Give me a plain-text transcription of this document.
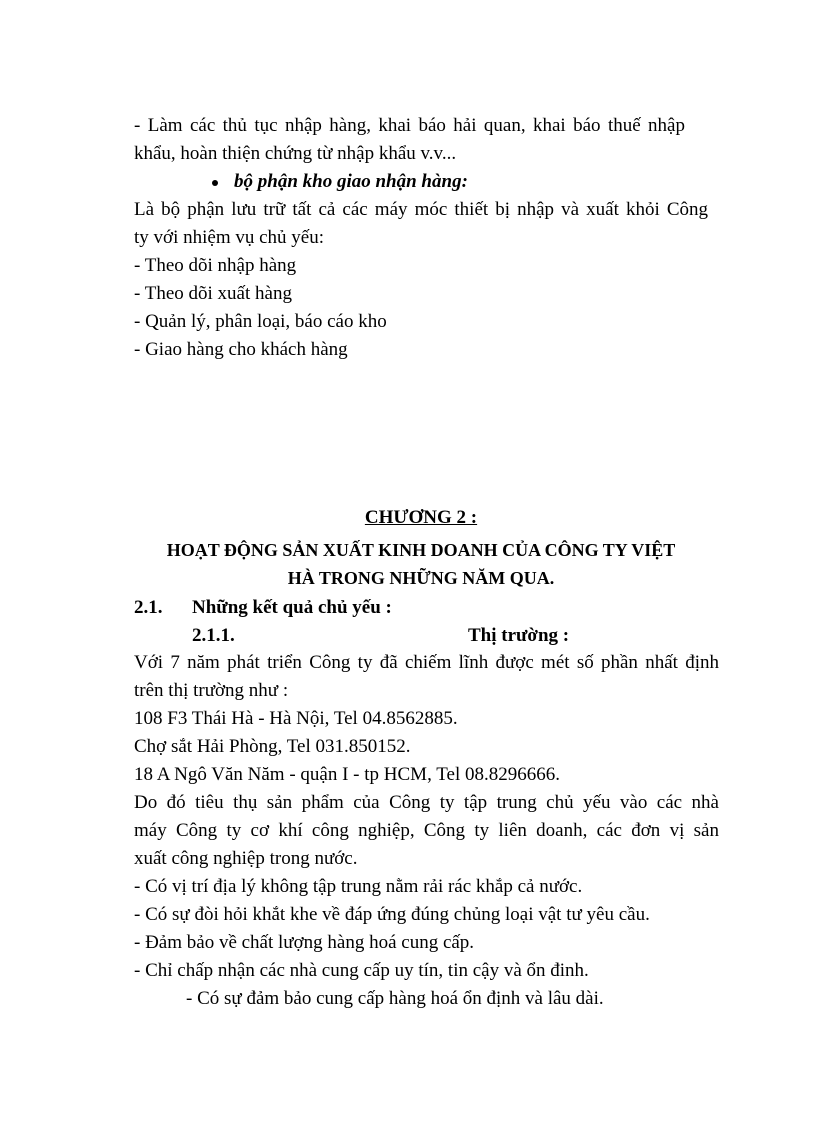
- Làm các thủ tục nhập hàng, khai báo hải quan, khai báo thuế nhập
khẩu, hoàn thiện chứng từ nhập khẩu v.v...
bộ phận kho giao nhận hàng:
Là bộ phận lưu trữ tất cả các máy móc thiết bị nhập và xuất khỏi Công
ty với nhiệm vụ chủ yếu:
- Theo dõi nhập hàng
- Theo dõi xuất hàng
- Quản lý, phân loại, báo cáo kho
- Giao hàng cho khách hàng
CHƯƠNG 2 :
HOẠT ĐỘNG SẢN XUẤT KINH DOANH CỦA CÔNG TY VIỆT
HÀ TRONG NHỮNG NĂM QUA.
2.1. Những kết quả chủ yếu :
2.1.1.	Thị trường :
Với 7 năm phát triển Công ty đã chiếm lĩnh được mét số phần nhất định
trên thị trường như :
108 F3 Thái Hà - Hà Nội, Tel 04.8562885.
Chợ sắt Hải Phòng, Tel 031.850152.
18 A Ngô Văn Năm - quận I - tp HCM, Tel 08.8296666.
Do đó tiêu thụ sản phẩm của Công ty tập trung chủ yếu vào các nhà
máy Công ty cơ khí công nghiệp, Công ty liên doanh, các đơn vị sản
xuất công nghiệp trong nước.
- Có vị trí địa lý không tập trung nằm rải rác khắp cả nước.
- Có sự đòi hỏi khắt khe về đáp ứng đúng chủng loại vật tư yêu cầu.
- Đảm bảo về chất lượng hàng hoá cung cấp.
- Chỉ chấp nhận các nhà cung cấp uy tín, tin cậy và ổn đinh.
- Có sự đảm bảo cung cấp hàng hoá ổn định và lâu dài.
